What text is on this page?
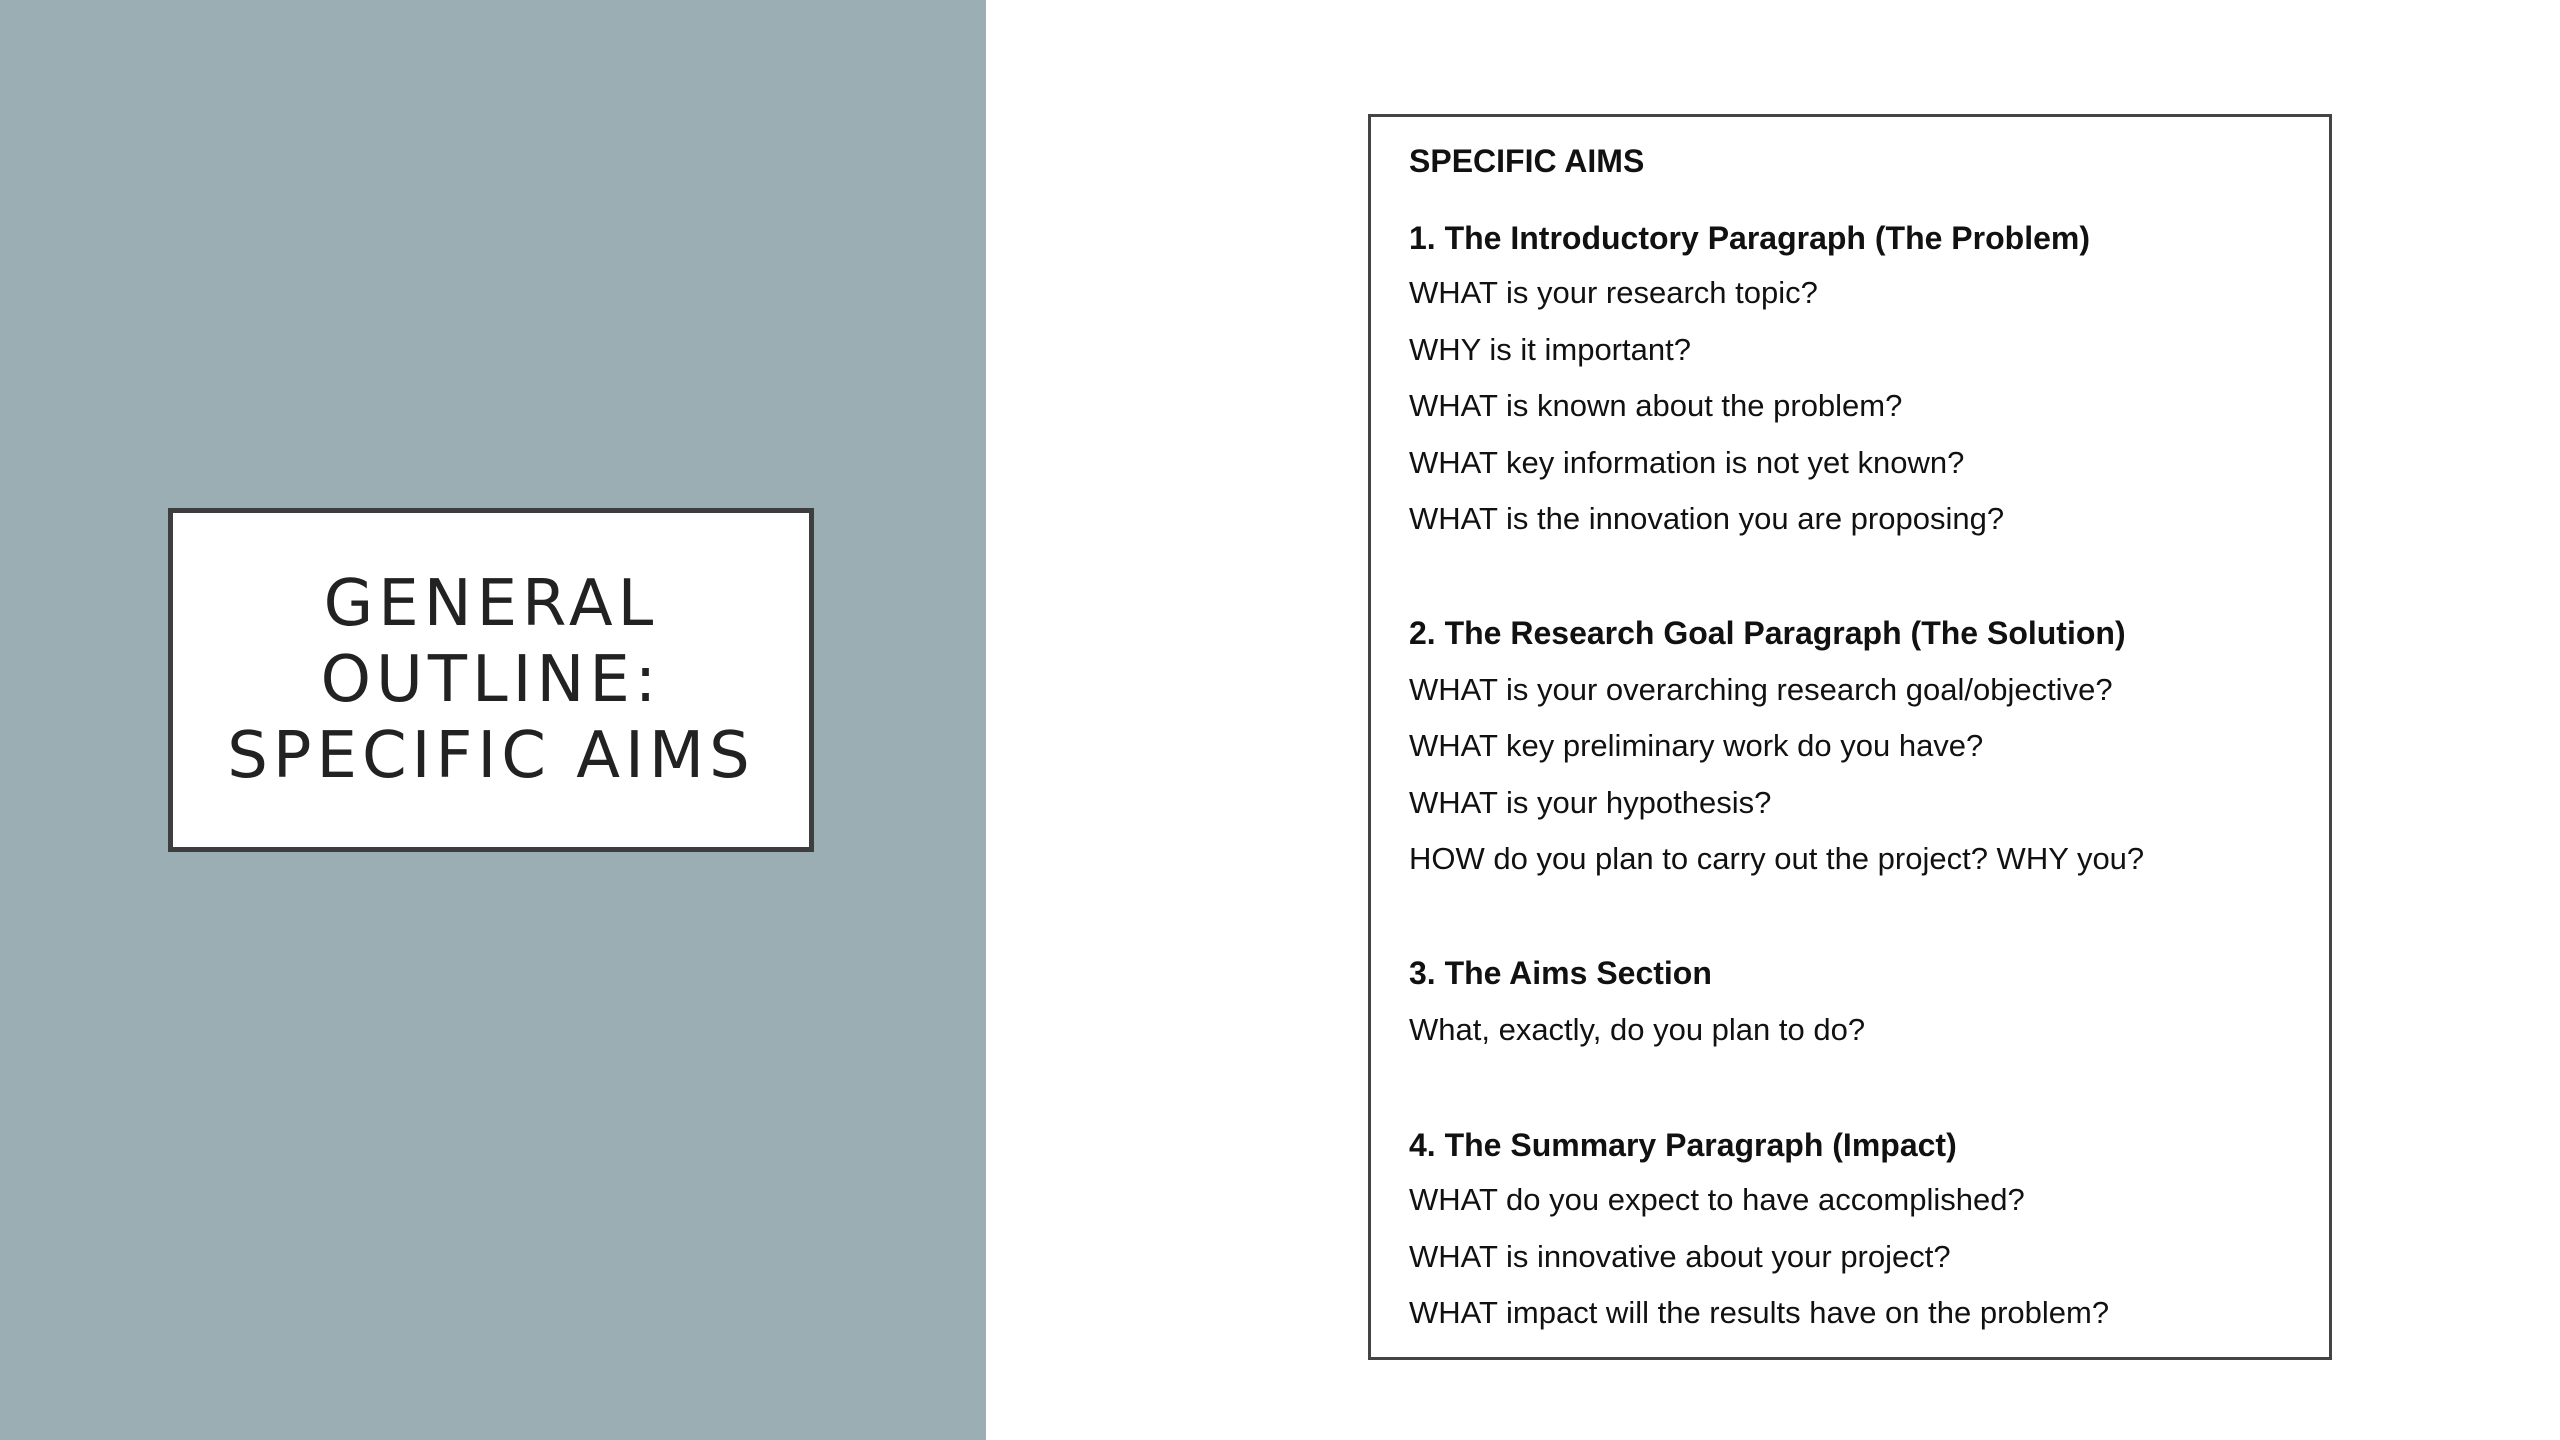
GENERAL
OUTLINE:
SPECIFIC AIMS
SPECIFIC AIMS
1. The Introductory Paragraph (The Problem)
WHAT is your research topic?
WHY is it important?
WHAT is known about the problem?
WHAT key information is not yet known?
WHAT is the innovation you are proposing?
2. The Research Goal Paragraph (The Solution)
WHAT is your overarching research goal/objective?
WHAT key preliminary work do you have?
WHAT is your hypothesis?
HOW do you plan to carry out the project? WHY you?
3. The Aims Section
What, exactly, do you plan to do?
4. The Summary Paragraph (Impact)
WHAT do you expect to have accomplished?
WHAT is innovative about your project?
WHAT impact will the results have on the problem?
